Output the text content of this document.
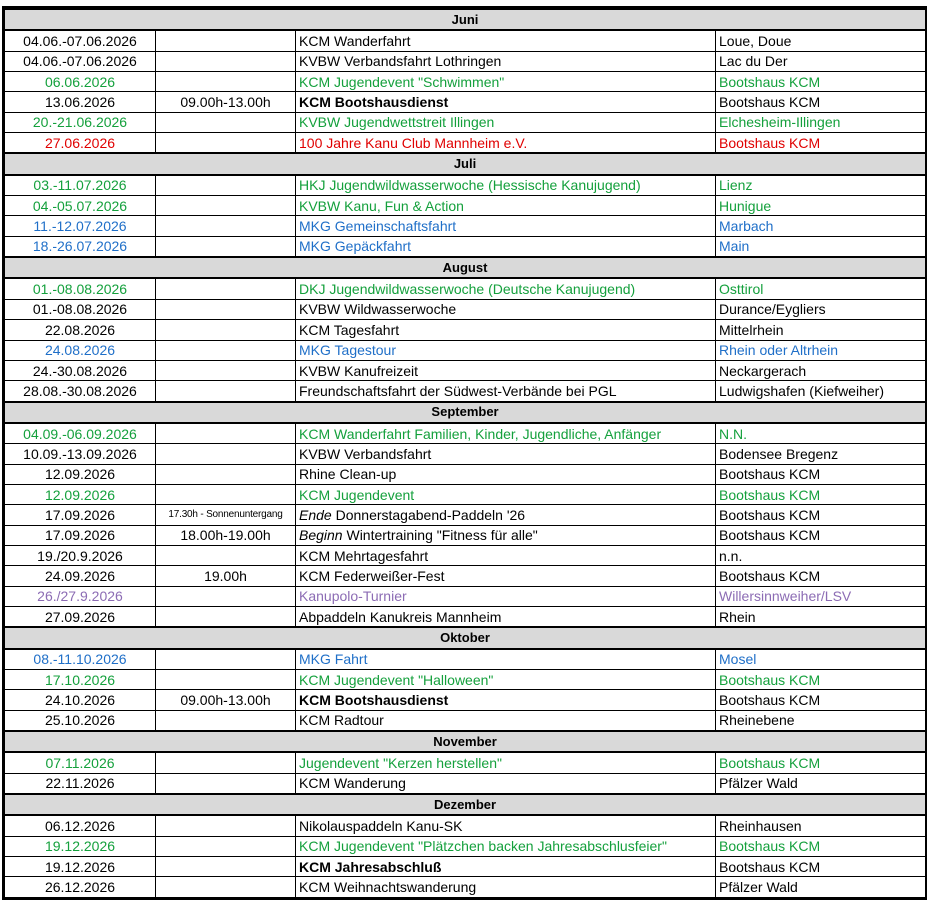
Juni			
04.06.-07.06.2026		KCM Wanderfahrt	Loue, Doue
04.06.-07.06.2026		KVBW Verbandsfahrt Lothringen	Lac du Der
06.06.2026		KCM Jugendevent "Schwimmen"	Bootshaus KCM
13.06.2026	09.00h-13.00h	KCM Bootshausdienst	Bootshaus KCM
20.-21.06.2026		KVBW Jugendwettstreit Illingen	Elchesheim-Illingen
27.06.2026		100 Jahre Kanu Club Mannheim e.V.	Bootshaus KCM
Juli			
03.-11.07.2026		HKJ Jugendwildwasserwoche (Hessische Kanujugend)	Lienz
04.-05.07.2026		KVBW Kanu, Fun & Action	Hunigue
11.-12.07.2026		MKG Gemeinschaftsfahrt	Marbach
18.-26.07.2026		MKG Gepäckfahrt	Main
August			
01.-08.08.2026		DKJ Jugendwildwasserwoche (Deutsche Kanujugend)	Osttirol
01.-08.08.2026		KVBW Wildwasserwoche	Durance/Eygliers
22.08.2026		KCM Tagesfahrt	Mittelrhein
24.08.2026		MKG Tagestour	Rhein oder Altrhein
24.-30.08.2026		KVBW Kanufreizeit	Neckargerach
28.08.-30.08.2026		Freundschaftsfahrt der Südwest-Verbände bei PGL	Ludwigshafen (Kiefweiher)
September			
04.09.-06.09.2026		KCM Wanderfahrt Familien, Kinder, Jugendliche, Anfänger	N.N.
10.09.-13.09.2026		KVBW Verbandsfahrt	Bodensee Bregenz
12.09.2026		Rhine Clean-up	Bootshaus KCM
12.09.2026		KCM Jugendevent	Bootshaus KCM
17.09.2026	17.30h - Sonnenuntergang	Ende Donnerstagabend-Paddeln '26	Bootshaus KCM
17.09.2026	18.00h-19.00h	Beginn Wintertraining "Fitness für alle"	Bootshaus KCM
19./20.9.2026		KCM Mehrtagesfahrt	n.n.
24.09.2026	19.00h	KCM Federweißer-Fest	Bootshaus KCM
26./27.9.2026		Kanupolo-Turnier	Willersinnweiher/LSV
27.09.2026		Abpaddeln Kanukreis Mannheim	Rhein
Oktober			
08.-11.10.2026		MKG Fahrt	Mosel
17.10.2026		KCM Jugendevent "Halloween"	Bootshaus KCM
24.10.2026	09.00h-13.00h	KCM Bootshausdienst	Bootshaus KCM
25.10.2026		KCM Radtour	Rheinebene
November			
07.11.2026		Jugendevent "Kerzen herstellen"	Bootshaus KCM
22.11.2026		KCM Wanderung	Pfälzer Wald
Dezember			
06.12.2026		Nikolauspaddeln Kanu-SK	Rheinhausen
19.12.2026		KCM Jugendevent "Plätzchen backen Jahresabschlusfeier"	Bootshaus KCM
19.12.2026		KCM Jahresabschluß	Bootshaus KCM
26.12.2026		KCM Weihnachtswanderung	Pfälzer Wald
